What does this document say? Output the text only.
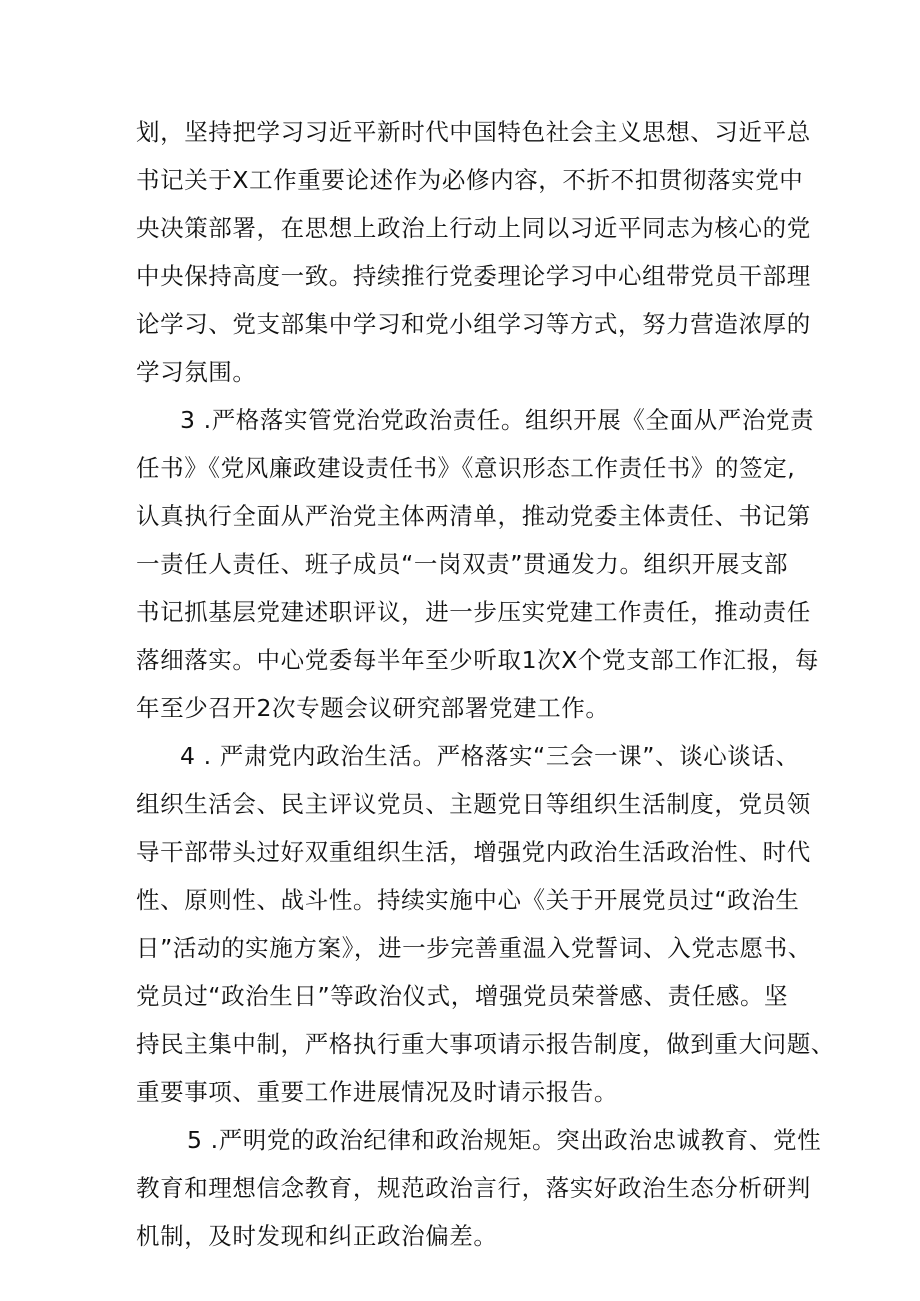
划，坚持把学习习近平新时代中国特色社会主义思想、习近平总
书记关于X工作重要论述作为必修内容，不折不扣贯彻落实党中
央决策部署，在思想上政治上行动上同以习近平同志为核心的党
中央保持高度一致。持续推行党委理论学习中心组带党员干部理
论学习、党支部集中学习和党小组学习等方式，努力营造浓厚的
学习氛围。
3 .严格落实管党治党政治责任。组织开展《全面从严治党责
任书》《党风廉政建设责任书》《意识形态工作责任书》的签定,
认真执行全面从严治党主体两清单，推动党委主体责任、书记第
一责任人责任、班子成员“一岗双责”贯通发力。组织开展支部
书记抓基层党建述职评议，进一步压实党建工作责任，推动责任
落细落实。中心党委每半年至少听取1次X个党支部工作汇报，每
年至少召开2次专题会议研究部署党建工作。
4 . 严肃党内政治生活。严格落实“三会一课”、谈心谈话、
组织生活会、民主评议党员、主题党日等组织生活制度，党员领
导干部带头过好双重组织生活，增强党内政治生活政治性、时代
性、原则性、战斗性。持续实施中心《关于开展党员过“政治生
日”活动的实施方案》，进一步完善重温入党誓词、入党志愿书、
党员过“政治生日”等政治仪式，增强党员荣誉感、责任感。坚
持民主集中制，严格执行重大事项请示报告制度，做到重大问题、
重要事项、重要工作进展情况及时请示报告。
5 .严明党的政治纪律和政治规矩。突出政治忠诚教育、党性
教育和理想信念教育，规范政治言行，落实好政治生态分析研判
机制，及时发现和纠正政治偏差。
